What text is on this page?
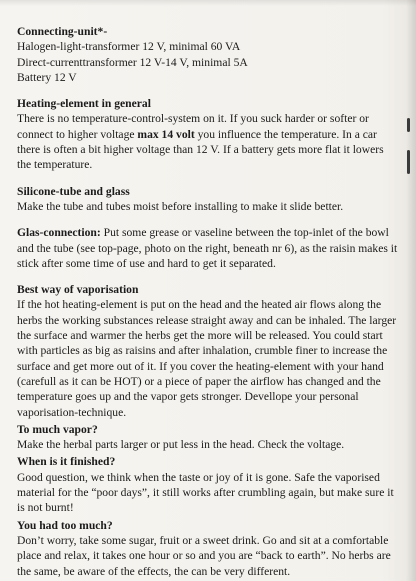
Connecting-unit*-
Halogen-light-transformer 12 V, minimal 60 VA
Direct-currenttransformer 12 V-14 V, minimal 5A
Battery 12 V
Heating-element in general
There is no temperature-control-system on it. If you suck harder or softer or connect to higher voltage max 14 volt you influence the temperature. In a car there is often a bit higher voltage than 12 V. If a battery gets more flat it lowers the temperature.
Silicone-tube and glass
Make the tube and tubes moist before installing to make it slide better.
Glas-connection: Put some grease or vaseline between the top-inlet of the bowl and the tube (see top-page, photo on the right, beneath nr 6), as the raisin makes it stick after some time of use and hard to get it separated.
Best way of vaporisation
If the hot heating-element is put on the head and the heated air flows along the herbs the working substances release straight away and can be inhaled. The larger the surface and warmer the herbs get the more will be released. You could start with particles as big as raisins and after inhalation, crumble finer to increase the surface and get more out of it. If you cover the heating-element with your hand (carefull as it can be HOT) or a piece of paper the airflow has changed and the temperature goes up and the vapor gets stronger. Devellope your personal vaporisation-technique.
To much vapor?
Make the herbal parts larger or put less in the head. Check the voltage.
When is it finished?
Good question, we think when the taste or joy of it is gone. Safe the vaporised material for the “poor days”, it still works after crumbling again, but make sure it is not burnt!
You had too much?
Don’t worry, take some sugar, fruit or a sweet drink. Go and sit at a comfortable place and relax, it takes one hour or so and you are “back to earth”. No herbs are the same, be aware of the effects, the can be very different.
